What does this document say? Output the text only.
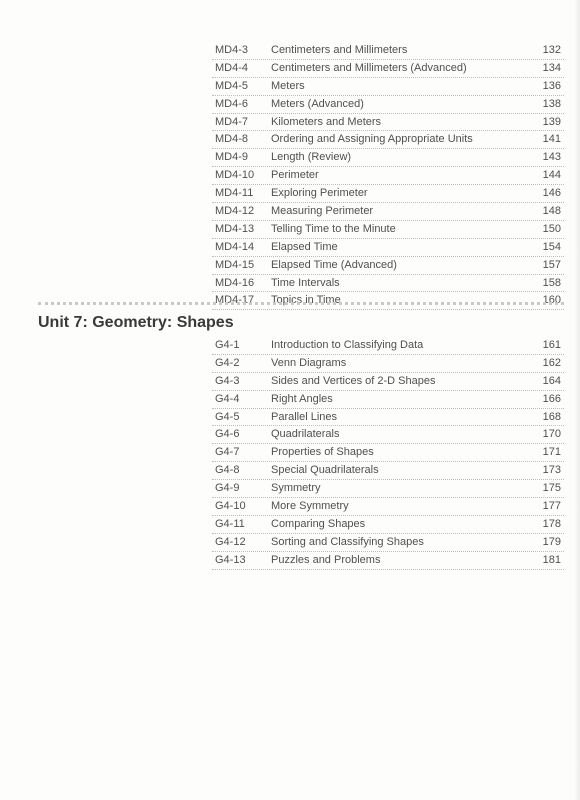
MD4-3 Centimeters and Millimeters	132
MD4-4 Centimeters and Millimeters (Advanced)	134
MD4-5 Meters	136
MD4-6 Meters (Advanced)	138
MD4-7 Kilometers and Meters	139
MD4-8 Ordering and Assigning Appropriate Units	141
MD4-9 Length (Review)	143
MD4-10 Perimeter	144
MD4-11 Exploring Perimeter	146
MD4-12 Measuring Perimeter	148
MD4-13 Telling Time to the Minute	150
MD4-14 Elapsed Time	154
MD4-15 Elapsed Time (Advanced)	157
MD4-16 Time Intervals	158
MD4-17 Topics in Time	160
Unit 7: Geometry: Shapes
G4-1	Introduction to Classifying Data	161
G4-2	Venn Diagrams	162
G4-3	Sides and Vertices of 2-D Shapes	164
G4-4	Right Angles	166
G4-5	Parallel Lines	168
G4-6	Quadrilaterals	170
G4-7	Properties of Shapes	171
G4-8	Special Quadrilaterals	173
G4-9	Symmetry	175
G4-10 More Symmetry	177
G4-11 Comparing Shapes	178
G4-12 Sorting and Classifying Shapes	179
G4-13 Puzzles and Problems	181
